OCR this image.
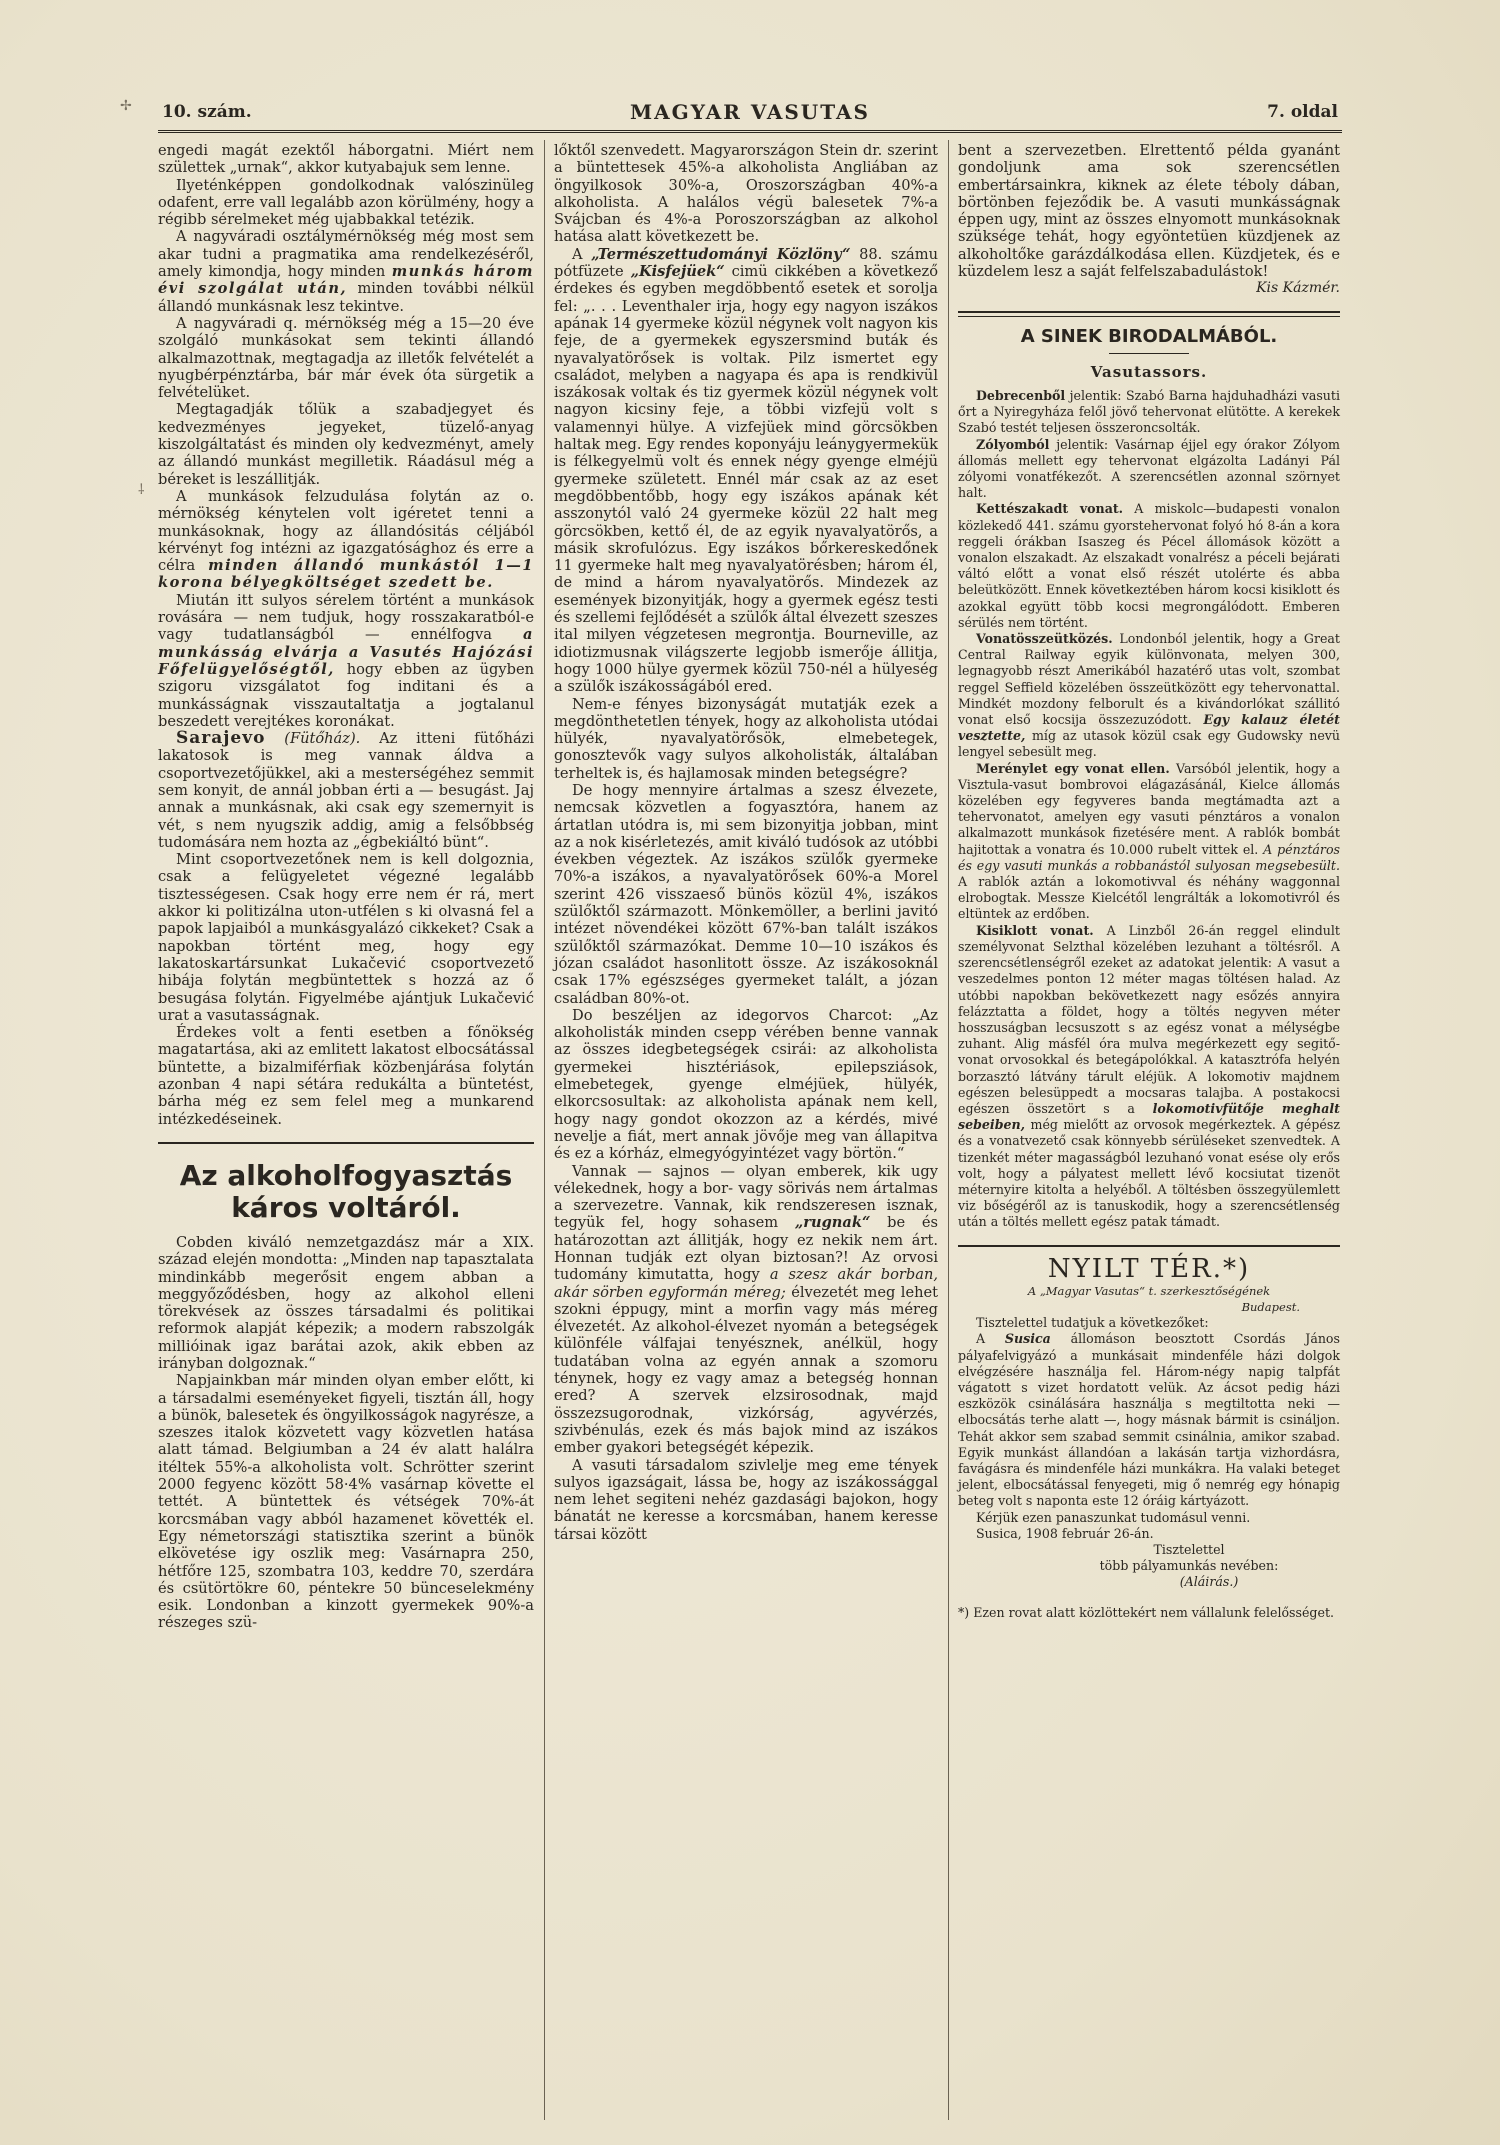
10. szám.	MAGYAR VASUTAS	7. oldal
✢
⸸

engedi magát ezektől háborgatni. Miért nem születtek „urnak“, akkor kutyabajuk sem lenne.

Ilyeténképpen gondolkodnak valószinüleg odafent, erre vall legalább azon körülmény, hogy a régibb sérelmeket még ujabbakkal tetézik.

A nagyváradi osztálymérnökség még most sem akar tudni a pragmatika ama rendelkezéséről, amely kimondja, hogy minden munkás három évi szolgálat után, minden további nélkül állandó munkásnak lesz tekintve.

A nagyváradi q. mérnökség még a 15—20 éve szolgáló munkásokat sem tekinti állandó alkalmazottnak, megtagadja az illetők felvételét a nyugbérpénztárba, bár már évek óta sürgetik a felvételüket.

Megtagadják tőlük a szabadjegyet és kedvezményes jegyeket, tüzelő-anyag kiszolgáltatást és minden oly kedvezményt, amely az állandó munkást megilletik. Ráadásul még a béreket is leszállitják.

A munkások felzudulása folytán az o. mérnökség kénytelen volt igéretet tenni a munkásoknak, hogy az állandósitás céljából kérvényt fog intézni az igazgatósághoz és erre a célra minden állandó munkástól 1—1 korona bélyegköltséget szedett be.

Miután itt sulyos sérelem történt a munkások rovására — nem tudjuk, hogy rosszakaratból-e vagy tudatlanságból — ennélfogva a munkásság elvárja a Vasutés Hajózási Főfelügyelőségtől, hogy ebben az ügyben szigoru vizsgálatot fog inditani és a munkásságnak visszautaltatja a jogtalanul beszedett verejtékes koronákat.

Sarajevo (Fütőház). Az itteni fütőházi lakatosok is meg vannak áldva a csoportvezetőjükkel, aki a mesterségéhez semmit sem konyit, de annál jobban érti a — besugást. Jaj annak a munkásnak, aki csak egy szemernyit is vét, s nem nyugszik addig, amig a felsőbbség tudomására nem hozta az „égbekiáltó bünt“.

Mint csoportvezetőnek nem is kell dolgoznia, csak a felügyeletet végezné legalább tisztességesen. Csak hogy erre nem ér rá, mert akkor ki politizálna uton-utfélen s ki olvasná fel a papok lapjaiból a munkásgyalázó cikkeket? Csak a napokban történt meg, hogy egy lakatoskartársunkat Lukačević csoportvezető hibája folytán megbüntettek s hozzá az ő besugása folytán. Figyelmébe ajántjuk Lukačević urat a vasutasságnak.

Érdekes volt a fenti esetben a főnökség magatartása, aki az emlitett lakatost elbocsátással büntette, a bizalmiférfiak közbenjárása folytán azonban 4 napi sétára redukálta a büntetést, bárha még ez sem felel meg a munkarend intézkedéseinek.

Az alkoholfogyasztás káros voltáról.

Cobden kiváló nemzetgazdász már a XIX. század elején mondotta: „Minden nap tapasztalata mindinkább megerősit engem abban a meggyőződésben, hogy az alkohol elleni törekvések az összes társadalmi és politikai reformok alapját képezik; a modern rabszolgák millióinak igaz barátai azok, akik ebben az irányban dolgoznak.“

Napjainkban már minden olyan ember előtt, ki a társadalmi eseményeket figyeli, tisztán áll, hogy a bünök, balesetek és öngyilkosságok nagyrésze, a szeszes italok közvetett vagy közvetlen hatása alatt támad. Belgiumban a 24 év alatt halálra itéltek 55%-a alkoholista volt. Schrötter szerint 2000 fegyenc között 58·4% vasárnap követte el tettét. A büntettek és vétségek 70%-át korcsmában vagy abból hazamenet követték el. Egy németországi statisztika szerint a bünök elkövetése igy oszlik meg: Vasárnapra 250, hétfőre 125, szombatra 103, keddre 70, szerdára és csütörtökre 60, péntekre 50 bünceselekmény esik. Londonban a kinzott gyermekek 90%-a részeges szü-

lőktől szenvedett. Magyarországon Stein dr. szerint a büntettesek 45%-a alkoholista Angliában az öngyilkosok 30%-a, Oroszországban 40%-a alkoholista. A halálos végü balesetek 7%-a Svájcban és 4%-a Poroszországban az alkohol hatása alatt következett be.

A „Természettudományi Közlöny“ 88. számu pótfüzete „Kisfejüek“ cimü cikkében a következő érdekes és egyben megdöbbentő esetek et sorolja fel: „. . . Leventhaler irja, hogy egy nagyon iszákos apának 14 gyermeke közül négynek volt nagyon kis feje, de a gyermekek egyszersmind buták és nyavalyatörősek is voltak. Pilz ismertet egy családot, melyben a nagyapa és apa is rendkivül iszákosak voltak és tiz gyermek közül négynek volt nagyon kicsiny feje, a többi vizfejü volt s valamennyi hülye. A vizfejüek mind görcsökben haltak meg. Egy rendes koponyáju leánygyermekük is félkegyelmü volt és ennek négy gyenge elméjü gyermeke született. Ennél már csak az az eset megdöbbentőbb, hogy egy iszákos apának két asszonytól való 24 gyermeke közül 22 halt meg görcsökben, kettő él, de az egyik nyavalyatörős, a másik skrofulózus. Egy iszákos bőrkereskedőnek 11 gyermeke halt meg nyavalyatörésben; három él, de mind a három nyavalyatörős. Mindezek az események bizonyitják, hogy a gyermek egész testi és szellemi fejlődését a szülők által élvezett szeszes ital milyen végzetesen megrontja. Bourneville, az idiotizmusnak világszerte legjobb ismerője állitja, hogy 1000 hülye gyermek közül 750-nél a hülyeség a szülők iszákosságából ered.

Nem-e fényes bizonyságát mutatják ezek a megdönthetetlen tények, hogy az alkoholista utódai hülyék, nyavalyatörősök, elmebetegek, gonosztevők vagy sulyos alkoholisták, általában terheltek is, és hajlamosak minden betegségre?

De hogy mennyire ártalmas a szesz élvezete, nemcsak közvetlen a fogyasztóra, hanem az ártatlan utódra is, mi sem bizonyitja jobban, mint az a nok kisérletezés, amit kiváló tudósok az utóbbi években végeztek. Az iszákos szülők gyermeke 70%-a iszákos, a nyavalyatörősek 60%-a Morel szerint 426 visszaeső bünös közül 4%, iszákos szülőktől származott. Mönkemöller, a berlini javitó intézet növendékei között 67%-ban talált iszákos szülőktől származókat. Demme 10—10 iszákos és józan családot hasonlitott össze. Az iszákosoknál csak 17% egészséges gyermeket talált, a józan családban 80%-ot.

Do beszéljen az idegorvos Charcot: „Az alkoholisták minden csepp vérében benne vannak az összes idegbetegségek csirái: az alkoholista gyermekei hisztériások, epilepsziások, elmebetegek, gyenge elméjüek, hülyék, elkorcsosultak: az alkoholista apának nem kell, hogy nagy gondot okozzon az a kérdés, mivé nevelje a fiát, mert annak jövője meg van állapitva és ez a kórház, elmegyógyintézet vagy börtön.“

Vannak — sajnos — olyan emberek, kik ugy vélekednek, hogy a bor- vagy sörivás nem ártalmas a szervezetre. Vannak, kik rendszeresen isznak, tegyük fel, hogy sohasem „rugnak“ be és határozottan azt állitják, hogy ez nekik nem árt. Honnan tudják ezt olyan biztosan?! Az orvosi tudomány kimutatta, hogy a szesz akár borban, akár sörben egyformán méreg; élvezetét meg lehet szokni éppugy, mint a morfin vagy más méreg élvezetét. Az alkohol-élvezet nyomán a betegségek különféle válfajai tenyésznek, anélkül, hogy tudatában volna az egyén annak a szomoru ténynek, hogy ez vagy amaz a betegség honnan ered? A szervek elzsirosodnak, majd összezsugorodnak, vizkórság, agyvérzés, szivbénulás, ezek és más bajok mind az iszákos ember gyakori betegségét képezik.

A vasuti társadalom szivlelje meg eme tények sulyos igazságait, lássa be, hogy az iszákossággal nem lehet segiteni nehéz gazdasági bajokon, hogy bánatát ne keresse a korcsmában, hanem keresse társai között

bent a szervezetben. Elrettentő példa gyanánt gondoljunk ama sok szerencsétlen embertársainkra, kiknek az élete téboly dában, börtönben fejeződik be. A vasuti munkásságnak éppen ugy, mint az összes elnyomott munkásoknak szüksége tehát, hogy egyöntetüen küzdjenek az alkoholtőke garázdálkodása ellen. Küzdjetek, és e küzdelem lesz a saját felfelszabadulástok!

Kis Kázmér.
A SINEK BIRODALMÁBÓL.
Vasutassors.

Debrecenből jelentik: Szabó Barna hajduhadházi vasuti őrt a Nyiregyháza felől jövő tehervonat elütötte. A kerekek Szabó testét teljesen összeroncsolták.

Zólyomból jelentik: Vasárnap éjjel egy órakor Zólyom állomás mellett egy tehervonat elgázolta Ladányi Pál zólyomi vonatfékezőt. A szerencsétlen azonnal szörnyet halt.

Kettészakadt vonat. A miskolc—budapesti vonalon közlekedő 441. számu gyorstehervonat folyó hó 8-án a kora reggeli órákban Isaszeg és Pécel állomások között a vonalon elszakadt. Az elszakadt vonalrész a péceli bejárati váltó előtt a vonat első részét utolérte és abba beleütközött. Ennek következtében három kocsi kisiklott és azokkal együtt több kocsi megrongálódott. Emberen sérülés nem történt.

Vonatösszeütközés. Londonból jelentik, hogy a Great Central Railway egyik különvonata, melyen 300, legnagyobb részt Amerikából hazatérő utas volt, szombat reggel Seffield közelében összeütközött egy tehervonattal. Mindkét mozdony felborult és a kivándorlókat szállitó vonat első kocsija összezuzódott. Egy kalauz életét vesztette, míg az utasok közül csak egy Gudowsky nevü lengyel sebesült meg.

Merénylet egy vonat ellen. Varsóból jelentik, hogy a Visztula-vasut bombrovoi elágazásánál, Kielce állomás közelében egy fegyveres banda megtámadta azt a tehervonatot, amelyen egy vasuti pénztáros a vonalon alkalmazott munkások fizetésére ment. A rablók bombát hajitottak a vonatra és 10.000 rubelt vittek el. A pénztáros és egy vasuti munkás a robbanástól sulyosan megsebesült. A rablók aztán a lokomotivval és néhány waggonnal elrobogtak. Messze Kielcétől lengrálták a lokomotivról és eltüntek az erdőben.

Kisiklott vonat. A Linzből 26-án reggel elindult személyvonat Selzthal közelében lezuhant a töltésről. A szerencsétlenségről ezeket az adatokat jelentik: A vasut a veszedelmes ponton 12 méter magas töltésen halad. Az utóbbi napokban bekövetkezett nagy esőzés annyira felázztatta a földet, hogy a töltés negyven méter hosszuságban lecsuszott s az egész vonat a mélységbe zuhant. Alig másfél óra mulva megérkezett egy segitő-vonat orvosokkal és betegápolókkal. A katasztrófa helyén borzasztó látvány tárult eléjük. A lokomotiv majdnem egészen belesüppedt a mocsaras talajba. A postakocsi egészen összetört s a lokomotivfütője meghalt sebeiben, még mielőtt az orvosok megérkeztek. A gépész és a vonatvezető csak könnyebb sérüléseket szenvedtek. A tizenkét méter magasságból lezuhanó vonat esése oly erős volt, hogy a pályatest mellett lévő kocsiutat tizenöt méternyire kitolta a helyéből. A töltésben összegyülemlett viz bőségéről az is tanuskodik, hogy a szerencsétlenség után a töltés mellett egész patak támadt.

NYILT TÉR.*)
A „Magyar Vasutas“ t. szerkesztőségének
Budapest.

Tisztelettel tudatjuk a következőket:

A Susica állomáson beosztott Csordás János pályafelvigyázó a munkásait mindenféle házi dolgok elvégzésére használja fel. Három-négy napig talpfát vágatott s vizet hordatott velük. Az ácsot pedig házi eszközök csinálására használja s megtiltotta neki — elbocsátás terhe alatt —, hogy másnak bármit is csináljon. Tehát akkor sem szabad semmit csinálnia, amikor szabad. Egyik munkást állandóan a lakásán tartja vizhordásra, favágásra és mindenféle házi munkákra. Ha valaki beteget jelent, elbocsátással fenyegeti, mig ő nemrég egy hónapig beteg volt s naponta este 12 óráig kártyázott.

Kérjük ezen panaszunkat tudomásul venni.

Susica, 1908 február 26-án.

Tisztelettel
több pályamunkás nevében:
(Aláirás.)
*) Ezen rovat alatt közlöttekért nem vállalunk felelősséget.
